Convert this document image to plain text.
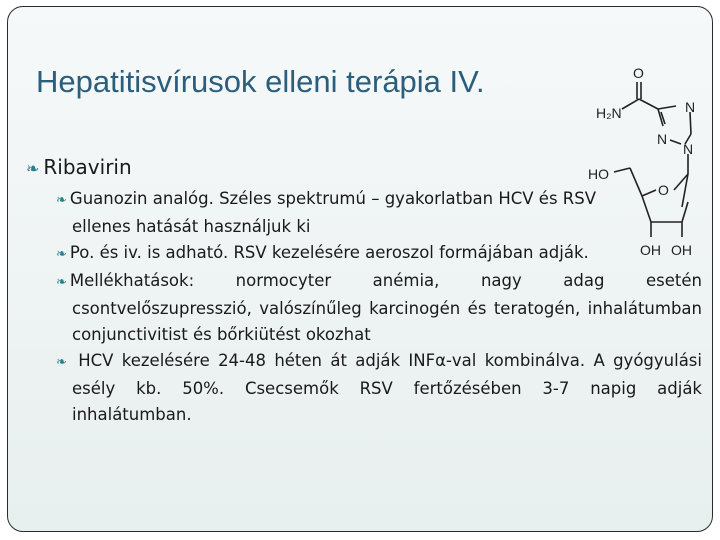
Hepatitisvírusok elleni terápia IV.	O
H₂N	N
N
N
HO
O
OH OH
❧ Ribavirin
❧ Guanozin analóg. Széles spektrumú – gyakorlatban HCV és RSV ellenes hatását használjuk ki
❧ Po. és iv. is adható. RSV kezelésére aeroszol formájában adják.
❧ Mellékhatások: normocyter anémia, nagy adag esetén csontvelőszupresszió, valószínűleg karcinogén és teratogén, inhalátumban conjunctivitist és bőrkiütést okozhat
❧ HCV kezelésére 24-48 héten át adják INFα-val kombinálva. A gyógyulási esély kb. 50%. Csecsemők RSV fertőzésében 3-7 napig adják inhalátumban.
